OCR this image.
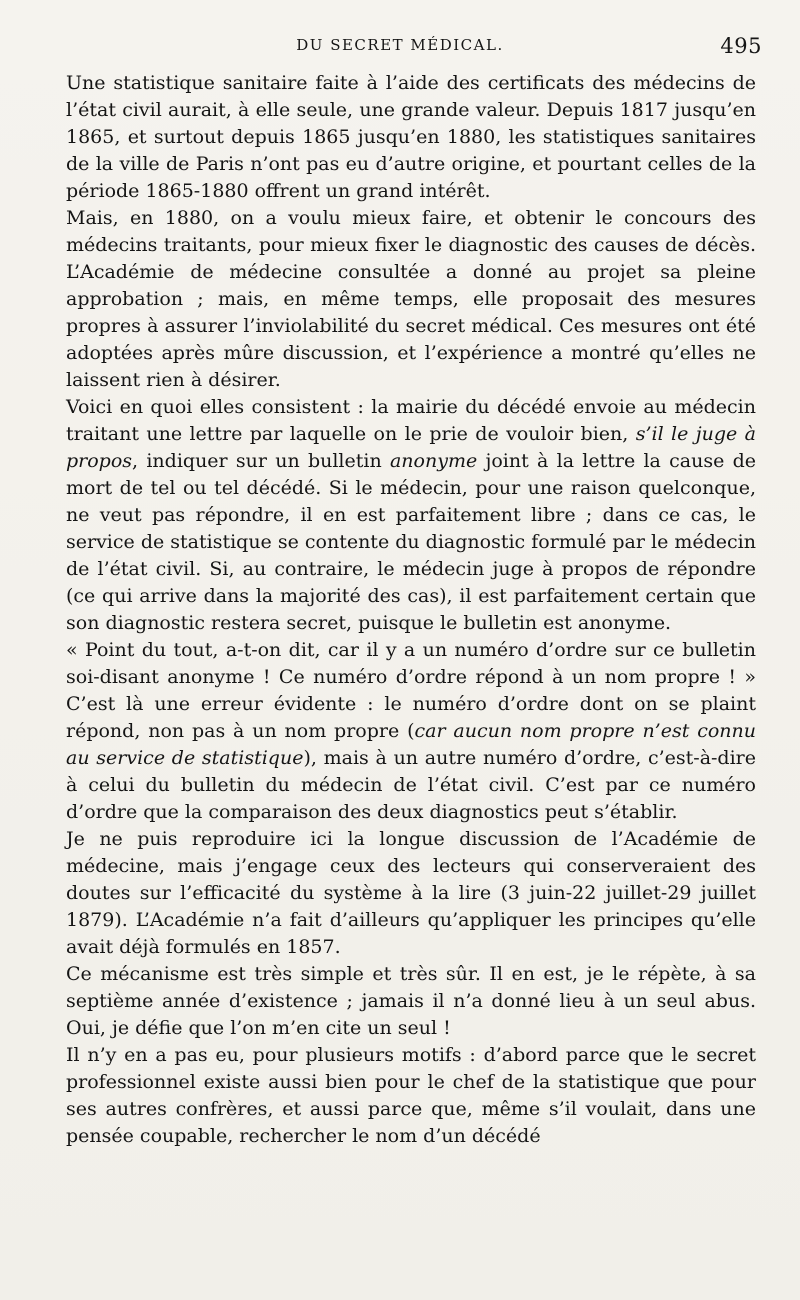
DU SECRET MÉDICAL.	495

Une statistique sanitaire faite à l’aide des certificats des médecins de l’état civil aurait, à elle seule, une grande valeur. Depuis 1817 jusqu’en 1865, et surtout depuis 1865 jusqu’en 1880, les statistiques sanitaires de la ville de Paris n’ont pas eu d’autre origine, et pourtant celles de la période 1865-1880 offrent un grand intérêt.

Mais, en 1880, on a voulu mieux faire, et obtenir le concours des médecins traitants, pour mieux fixer le diagnostic des causes de décès. L’Académie de médecine consultée a donné au projet sa pleine approbation ; mais, en même temps, elle proposait des mesures propres à assurer l’inviolabilité du secret médical. Ces mesures ont été adoptées après mûre discussion, et l’expérience a montré qu’elles ne laissent rien à désirer.

Voici en quoi elles consistent : la mairie du décédé envoie au médecin traitant une lettre par laquelle on le prie de vouloir bien, s’il le juge à propos, indiquer sur un bulletin anonyme joint à la lettre la cause de mort de tel ou tel décédé. Si le médecin, pour une raison quelconque, ne veut pas répondre, il en est parfaitement libre ; dans ce cas, le service de statistique se contente du diagnostic formulé par le médecin de l’état civil. Si, au contraire, le médecin juge à propos de répondre (ce qui arrive dans la majorité des cas), il est parfaitement certain que son diagnostic restera secret, puisque le bulletin est anonyme.

« Point du tout, a-t-on dit, car il y a un numéro d’ordre sur ce bulletin soi-disant anonyme ! Ce numéro d’ordre répond à un nom propre ! » C’est là une erreur évidente : le numéro d’ordre dont on se plaint répond, non pas à un nom propre (car aucun nom propre n’est connu au service de statistique), mais à un autre numéro d’ordre, c’est-à-dire à celui du bulletin du médecin de l’état civil. C’est par ce numéro d’ordre que la comparaison des deux diagnostics peut s’établir.

Je ne puis reproduire ici la longue discussion de l’Académie de médecine, mais j’engage ceux des lecteurs qui conserveraient des doutes sur l’efficacité du système à la lire (3 juin-22 juillet-29 juillet 1879). L’Académie n’a fait d’ailleurs qu’appliquer les principes qu’elle avait déjà formulés en 1857.

Ce mécanisme est très simple et très sûr. Il en est, je le répète, à sa septième année d’existence ; jamais il n’a donné lieu à un seul abus. Oui, je défie que l’on m’en cite un seul !

Il n’y en a pas eu, pour plusieurs motifs : d’abord parce que le secret professionnel existe aussi bien pour le chef de la statistique que pour ses autres confrères, et aussi parce que, même s’il voulait, dans une pensée coupable, rechercher le nom d’un décédé
